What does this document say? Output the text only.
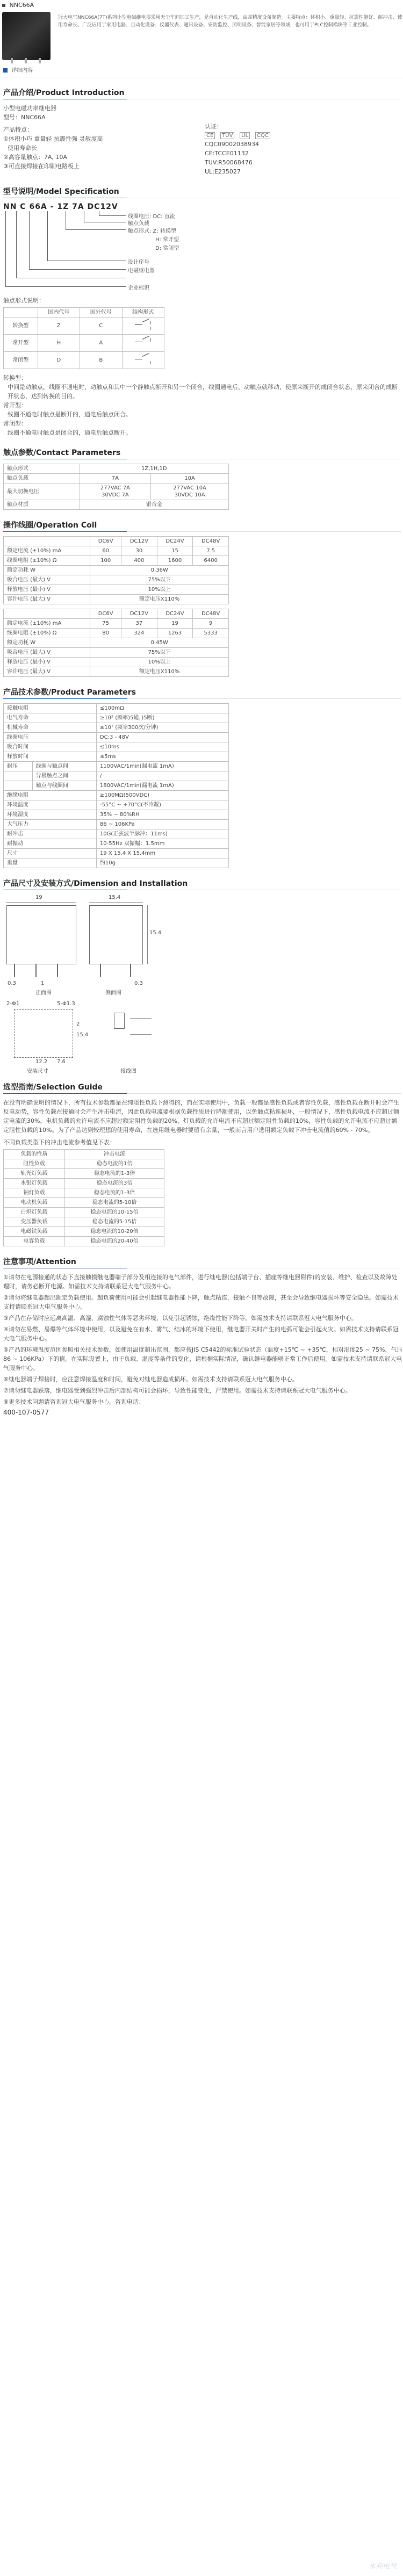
NNC66A
冠大电气NNC66A(7T)系列小型电磁继电器采用无尘车间加工生产，是自动化生产线，由高精度设备制造。主要特点：体积小、重量轻、抗震性能好、耐冲击、使用寿命长。广泛应用于家用电器、自动化设备、仪器仪表、通讯设备、安防监控、照明设备、智能家居等领域，也可用于PLC控制模块等工业控制。
详细内容
产品介绍/Product Introduction
小型电磁功率继电器
型号：NNC66A
产品特点：
①体积小巧 重量轻 抗震性强 灵敏度高
使用寿命长
②高容量触点：7A, 10A
③可直接焊接在印刷电路板上
认证：
CE TÜV UL CQC
CQC09002038934
CE:TCCE01132
TUV:R50068476
UL:E235027
型号说明/Model Specification
NN C 66A - 1Z 7A DC12V
线圈电压: DC: 直流
触点负载
触点形式: Z: 转换型
H: 常开型
D: 常闭型
设计序号
电磁继电器
企业标识
触点形式说明：
	国内代号	国外代号	结构形式
转换型	Z	C	

常开型	H	A	

常闭型	D	B	
转换型：
中间是动触点，线圈不通电时，动触点和其中一个静触点断开和另一个闭合，线圈通电后，动触点就移动，使原来断开的成闭合状态，原来闭合的成断开状态，达到转换的目的。
常开型：
线圈不通电时触点是断开的，通电后触点闭合。
常闭型：
线圈不通电时触点是闭合的，通电后触点断开。
触点参数/Contact Parameters
触点形式	1Z,1H,1D	
触点负载	7A	10A
最大切换电压	277VAC 7A
30VDC 7A	277VAC 10A
30VDC 10A
触点材质	银合金	
操作线圈/Operation Coil
	DC6V	DC12V	DC24V	DC48V
额定电流 (±10%) mA	60	30	15	7.5
线圈电阻 (±10%) Ω	100	400	1600	6400
额定功耗 W	0.36W			
吸合电压 (最大) V	75%以下			
释放电压 (最小) V	10%以上			
容许电压 (最大) V	额定电压X110%			
	DC6V	DC12V	DC24V	DC48V
额定电流 (±10%) mA	75	37	19	9
线圈电阻 (±10%) Ω	80	324	1263	5333
额定功耗 W	0.45W			
吸合电压 (最大) V	75%以下			
释放电压 (最小) V	10%以上			
容许电压 (最大) V	额定电压X110%			
产品技术参数/Product Parameters
接触电阻		≤100mΩ
电气寿命		≥10⁵ (频率)5通，)5断)
机械寿命		≥10⁷ (频率300次/分钟)
线圈电压		DC:3 - 48V
吸合时间		≤10ms
释放时间		≤5ms
耐压	线圈与触点间	1100VAC/1min(漏电流 1mA)
	异极触点之间	/
	触点与线圈间	1800VAC/1min(漏电流 1mA)
绝缘电阻		≥100MΩ(500VDC)
环境温度		-55°C ~ +70°C(不冷凝)
环境湿度		35% ~ 80%RH
大气压力		86 ~ 106KPa
耐冲击		10G(正弦波半脉冲：11ms)
耐振动		10-55Hz 双振幅：1.5mm
尺寸		19 X 15.4 X 15.4mm
重量		约10g
产品尺寸及安装方式/Dimension and Installation
19
0.3	1
正面图
15.4
15.4
0.3
侧面图
2-Φ1	5-Φ1.3
2
15.4
12.2 7.6
安装尺寸	接线图
选型指南/Selection Guide
在没有明确说明的情况下，所有技术参数都是在纯阻性负载下测得的，而在实际使用中，负载一般都是感性负载或者容性负载，感性负载在断开时会产生反电动势，容性负载在接通时会产生冲击电流，因此负载电流要根据负载性质进行降额使用，以免触点粘连损坏，一般情况下，感性负载电流不应超过额定电流的30%，电机负载的允许电流不应超过额定阻性负载的20%，灯负载的允许电流不应超过额定阻性负载的10%，容性负载的允许电流不应超过额定阻性负载的10%。为了产品达到较理想的使用寿命，在选用继电器时要留有余量，一般而言用户选用额定负载下冲击电流值的60% - 70%。
不同负载类型下的冲击电流参考值见下表：
负载的性质	冲击电流
阻性负载	稳态电流的1倍
轨光灯负载	稳态电流的1-3倍
水银灯负载	稳态电流的3倍
钠灯负载	稳态电流的1-3倍
电动机负载	稳态电流的5-10倍
白炽灯负载	稳态电流的10-15倍
变压器负载	稳态电流的5-15倍
电磁铁负载	稳态电流的10-20倍
电容负载	稳态电流的20-40倍
注意事项/Attention
①请勿在电源接通的状态下直接触摸继电器端子部分及相连接的电气部件，进行继电器(包括端子台、插座等继电器附件)的安装、维护、检查以及故障处理时，请务必断开电源。如需技术支持请联系冠大电气服务中心。
②请勿将继电器超出额定负载使用。超负荷使用可能会引起继电器性能下降，触点粘连，接触不良等故障，甚至会导致继电器损坏等安全隐患。如需技术支持请联系冠大电气服务中心。
③产品在存储时应远离高温、高湿、腐蚀性气体等恶劣环境，以免引起锈蚀，绝缘性能下降等。如需技术支持请联系冠大电气服务中心。
④请勿在易燃、易爆等气体环境中使用，以及避免在有水、雾气、结冰的环境下使用，继电器开关时产生的电弧可能会引起火灾。如需技术支持请联系冠大电气服务中心。
⑤产品的环境温度范围参照相关技术参数，如使用温度超出范围，都应按JIS C5442的标准试验状态（温度+15℃ ~ +35℃，相对湿度25 ~ 75%，气压86 ~ 106KPa）下的值。在实际设置上，由于负载、温度等条件的变化，请根据实际情况，确认继电器能够正常工作后使用。如需技术支持请联系冠大电气服务中心。
⑥继电器端子焊接时，应注意焊接温度和时间，避免对继电器造成损坏。如需技术支持请联系冠大电气服务中心。
⑦请勿继电器跌落，继电器受到强烈冲击后内部结构可能会损坏，导致性能变化，严禁使用。如需技术支持请联系冠大电气服务中心。
⑧更多技术问题请咨询冠大电气服务中心。咨询电话：
400-107-0577
永利电气
